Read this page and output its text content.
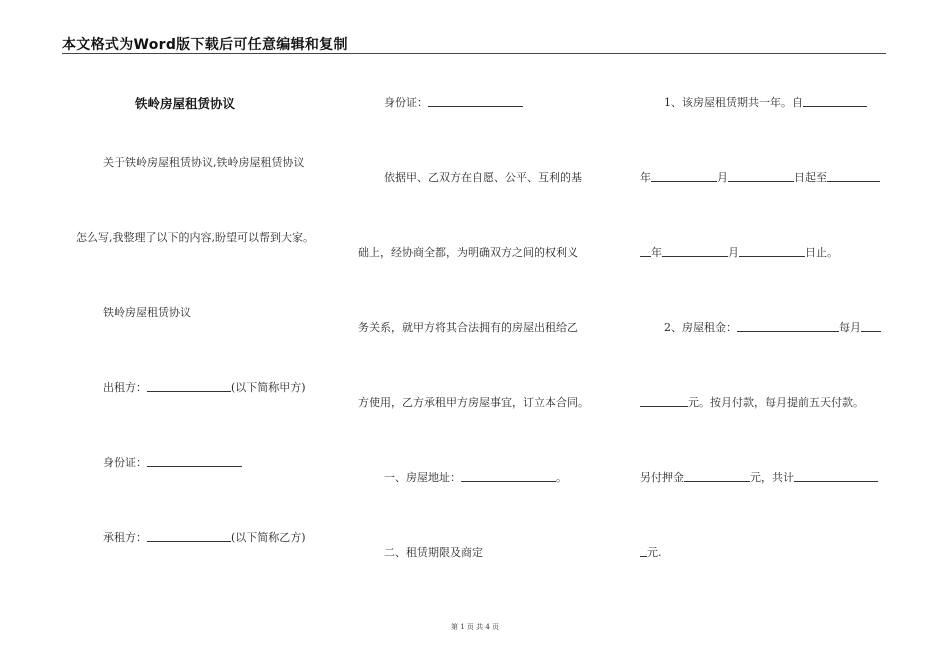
本文格式为Word版下载后可任意编辑和复制
铁岭房屋租赁协议
关于铁岭房屋租赁协议,铁岭房屋租赁协议
怎么写,我整理了以下的内容,盼望可以帮到大家。
铁岭房屋租赁协议
出租方：	(以下简称甲方)
身份证：
承租方：	(以下简称乙方)
身份证：
依据甲、乙双方在自愿、公平、互利的基
础上，经协商全都，为明确双方之间的权利义
务关系，就甲方将其合法拥有的房屋出租给乙
方使用，乙方承租甲方房屋事宜，订立本合同。
一、房屋地址：	。
二、租赁期限及商定
1、该房屋租赁期共一年。自
年	月	日起至
年	月	日止。
2、房屋租金：	每月
元。按月付款，每月提前五天付款。
另付押金	元，共计
元.
第 1 页 共 4 页
